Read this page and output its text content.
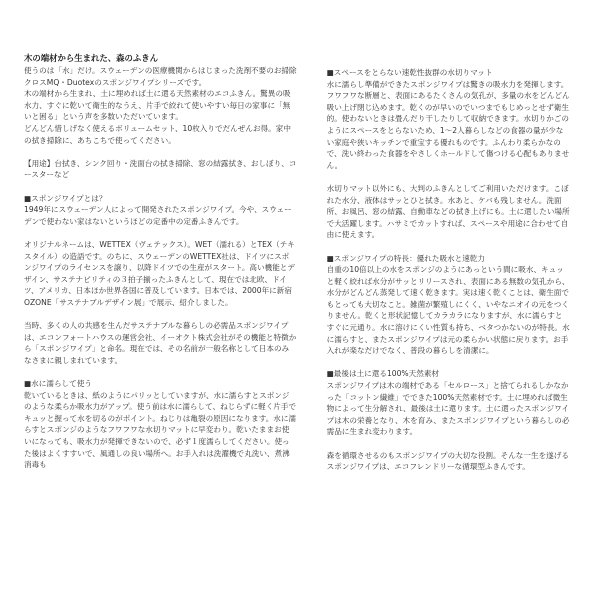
木の端材から生まれた、森のふきん

使うのは「水」だけ。スウェーデンの医療機関からはじまった洗剤不要のお掃除クロスMQ・Duotexのスポンジワイプシリーズです。
木の端材から生まれ、土に埋めれば土に還る天然素材のエコふきん。驚異の吸水力、すぐに乾いて衛生的なうえ、片手で絞れて使いやすい毎日の家事に「無いと困る」という声を多数いただいています。
どんどん惜しげなく使えるボリュームセット、10枚入りでだんぜんお得。家中の拭き掃除に、あちこちで使ってください。

【用途】台拭き、シンク回り・洗面台の拭き掃除、窓の結露拭き、おしぼり、コースターなど

■スポンジワイプとは？

1949年にスウェーデン人によって開発されたスポンジワイプ。今や、スウェーデンで使わない家はないというほどの定番中の定番ふきんです。

オリジナルネームは、WETTEX（ヴェテックス）。WET（濡れる）とTEX（テキスタイル）の造語です。のちに、スウェーデンのWETTEX社は、ドイツにスポンジワイプのライセンスを譲り、以降ドイツでの生産がスタート。高い機能とデザイン、サステナビリティの３拍子揃ったふきんとして、現在では北欧、ドイツ、アメリカ、日本ほか世界各国に普及しています。日本では、2000年に新宿OZONE「サステナブルデザイン展」で展示、紹介しました。

当時、多くの人の共感を生んだサステナブルな暮らしの必需品スポンジワイプは、エコンフォートハウスの運営会社、イーオクト株式会社がその機能と特徴から「スポンジワイプ」と命名。現在では、その名前が一般名称として日本のみなさまに親しまれています。

■水に濡らして使う

乾いているときは、紙のようにパリッとしていますが、水に濡らすとスポンジのような柔らか吸水力がアップ。使う前は水に濡らして、ねじらずに軽く片手でキュッと握って水を切るのがポイント。ねじりは亀裂の原因になります。水に濡らすとスポンジのようなフワフワな水切りマットに早変わり。乾いたままお使いになっても、吸水力が発揮できないので、必ず１度濡らしてください。使った後はよくすすいで、風通しの良い場所へ。お手入れは洗濯機で丸洗い、煮沸消毒も

■スペースをとらない速乾性抜群の水切りマット

水に濡らし準備ができたスポンジワイプは驚きの吸水力を発揮します。フワフワな断層と、表面にあるたくさんの気孔が、多量の水をどんどん吸い上げ閉じ込めます。乾くのが早いのでいつまでもじめっとせず衛生的。使わないときは畳んだり干したりして収納できます。水切りかごのようにスペースをとらないため、1〜2人暮らしなどの食器の量が少ない家庭や狭いキッチンで重宝する優れものです。ふんわり柔らかなので、洗い終わった食器をやさしくホールドして傷つける心配もありません。

水切りマット以外にも、大判のふきんとしてご利用いただけます。こぼれた水分、液体はサッとひと拭き。水あと、ケバも残しません。洗面所、お風呂、窓の結露、自動車などの拭き上げにも。土に還したい場所で大活躍します。ハサミでカットすれば、スペースや用途に合わせて自由に使えます。

■スポンジワイプの特長：優れた吸水と速乾力

自重の10倍以上の水をスポンジのようにあっという間に吸水、キュッと軽く絞れば水分がサッとリリースされ、表面にある無数の気孔から、水分がどんどん蒸発して速く乾きます。実は速く乾くことは、衛生面でもとっても大切なこと。雑菌が繁殖しにくく、いやなニオイの元をつくりません。乾くと形状記憶してカラカラになりますが、水に濡らすとすぐに元通り。水に溶けにくい性質も持ち、ベタつかないのが特長。水に濡らすと、またスポンジワイプは元の柔らかい状態に戻ります。お手入れが楽なだけでなく、普段の暮らしを清潔に。

■最後は土に還る100%天然素材

スポンジワイプは木の端材である「セルロース」と捨てられるしかなかった「コットン繊維」でできた100%天然素材です。土に埋めれば微生物によって生分解され、最後は土に還ります。土に還ったスポンジワイプは木の栄養となり、木を育み、またスポンジワイプという暮らしの必需品に生まれ変わります。

森を循環させるのもスポンジワイプの大切な役割。そんな一生を遂げるスポンジワイプは、エコフレンドリーな循環型ふきんです。
